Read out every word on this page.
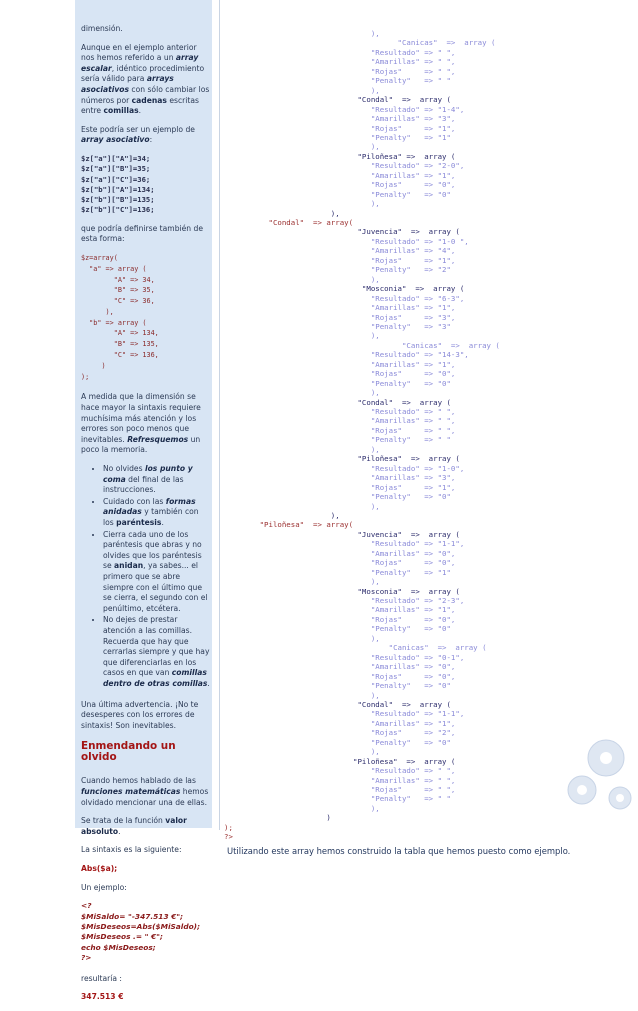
dimensión.

Aunque en el ejemplo anterior nos hemos referido a un array escalar, idéntico procedimiento sería válido para arrays asociativos con sólo cambiar los números por cadenas escritas entre comillas.

Este podría ser un ejemplo de array asociativo:

$z["a"]["A"]=34;
$z["a"]["B"]=35;
$z["a"]["C"]=36;
$z["b"]["A"]=134;
$z["b"]["B"]=135;
$z["b"]["C"]=136;

que podría definirse también de esta forma:

$z=array(
"a" => array (
"A" => 34,
"B" => 35,
"C" => 36,
),
"b" => array (
"A" => 134,
"B" => 135,
"C" => 136,
)
);

A medida que la dimensión se hace mayor la sintaxis requiere muchísima más atención y los errores son poco menos que inevitables. Refresquemos un poco la memoria.

• No olvides los punto y coma del final de las instrucciones.
• Cuidado con las formas anidadas y también con los paréntesis.
• Cierra cada uno de los paréntesis que abras y no olvides que los paréntesis se anidan, ya sabes... el primero que se abre siempre con el último que se cierra, el segundo con el penúltimo, etcétera.
• No dejes de prestar atención a las comillas. Recuerda que hay que cerrarlas siempre y que hay que diferenciarlas en los casos en que van comillas dentro de otras comillas.

Una última advertencia. ¡No te desesperes con los errores de sintaxis! Son inevitables.

Enmendando un olvido

Cuando hemos hablado de las funciones matemáticas hemos olvidado mencionar una de ellas.

Se trata de la función valor absoluto.

La sintaxis es la siguiente:

Abs($a);

Un ejemplo:

<?
$MiSaldo= "-347.513 €";
$MisDeseos=Abs($MiSaldo);
$MisDeseos .= " €";
echo $MisDeseos;
?>

resultaría :

347.513 €

),
"Canicas"  =>  array (
"Resultado" => " ",
"Amarillas" => " ",
"Rojas"     => " ",
"Penalty"   => " "
),
"Condal"  =>  array (
"Resultado" => "1-4",
"Amarillas" => "3",
"Rojas"     => "1",
"Penalty"   => "1"
),
"Piloñesa" =>  array (
"Resultado" => "2-0",
"Amarillas" => "1",
"Rojas"     => "0",
"Penalty"   => "0"
),
),
"Condal"  => array(
"Juvencia"  =>  array (
"Resultado" => "1-0 ",
"Amarillas" => "4",
"Rojas"     => "1",
"Penalty"   => "2"
),
"Mosconia"  =>  array (
"Resultado" => "6-3",
"Amarillas" => "1",
"Rojas"     => "3",
"Penalty"   => "3"
),
"Canicas"  =>  array (
"Resultado" => "14-3",
"Amarillas" => "1",
"Rojas"     => "0",
"Penalty"   => "0"
),
"Condal"  =>  array (
"Resultado" => " ",
"Amarillas" => " ",
"Rojas"     => " ",
"Penalty"   => " "
),
"Piloñesa"  =>  array (
"Resultado" => "1-0",
"Amarillas" => "3",
"Rojas"     => "1",
"Penalty"   => "0"
),
),
"Piloñesa"  => array(
"Juvencia"  =>  array (
"Resultado" => "1-1",
"Amarillas" => "0",
"Rojas"     => "0",
"Penalty"   => "1"
),
"Mosconia"  =>  array (
"Resultado" => "2-3",
"Amarillas" => "1",
"Rojas"     => "0",
"Penalty"   => "0"
),
"Canicas"  =>  array (
"Resultado" => "0-1",
"Amarillas" => "0",
"Rojas"     => "0",
"Penalty"   => "0"
),
"Condal"  =>  array (
"Resultado" => "1-1",
"Amarillas" => "1",
"Rojas"     => "2",
"Penalty"   => "0"
),
"Piloñesa"  =>  array (
"Resultado" => " ",
"Amarillas" => " ",
"Rojas"     => " ",
"Penalty"   => " "
),
)
);
?>
Utilizando este array hemos construido la tabla que hemos puesto como ejemplo.
